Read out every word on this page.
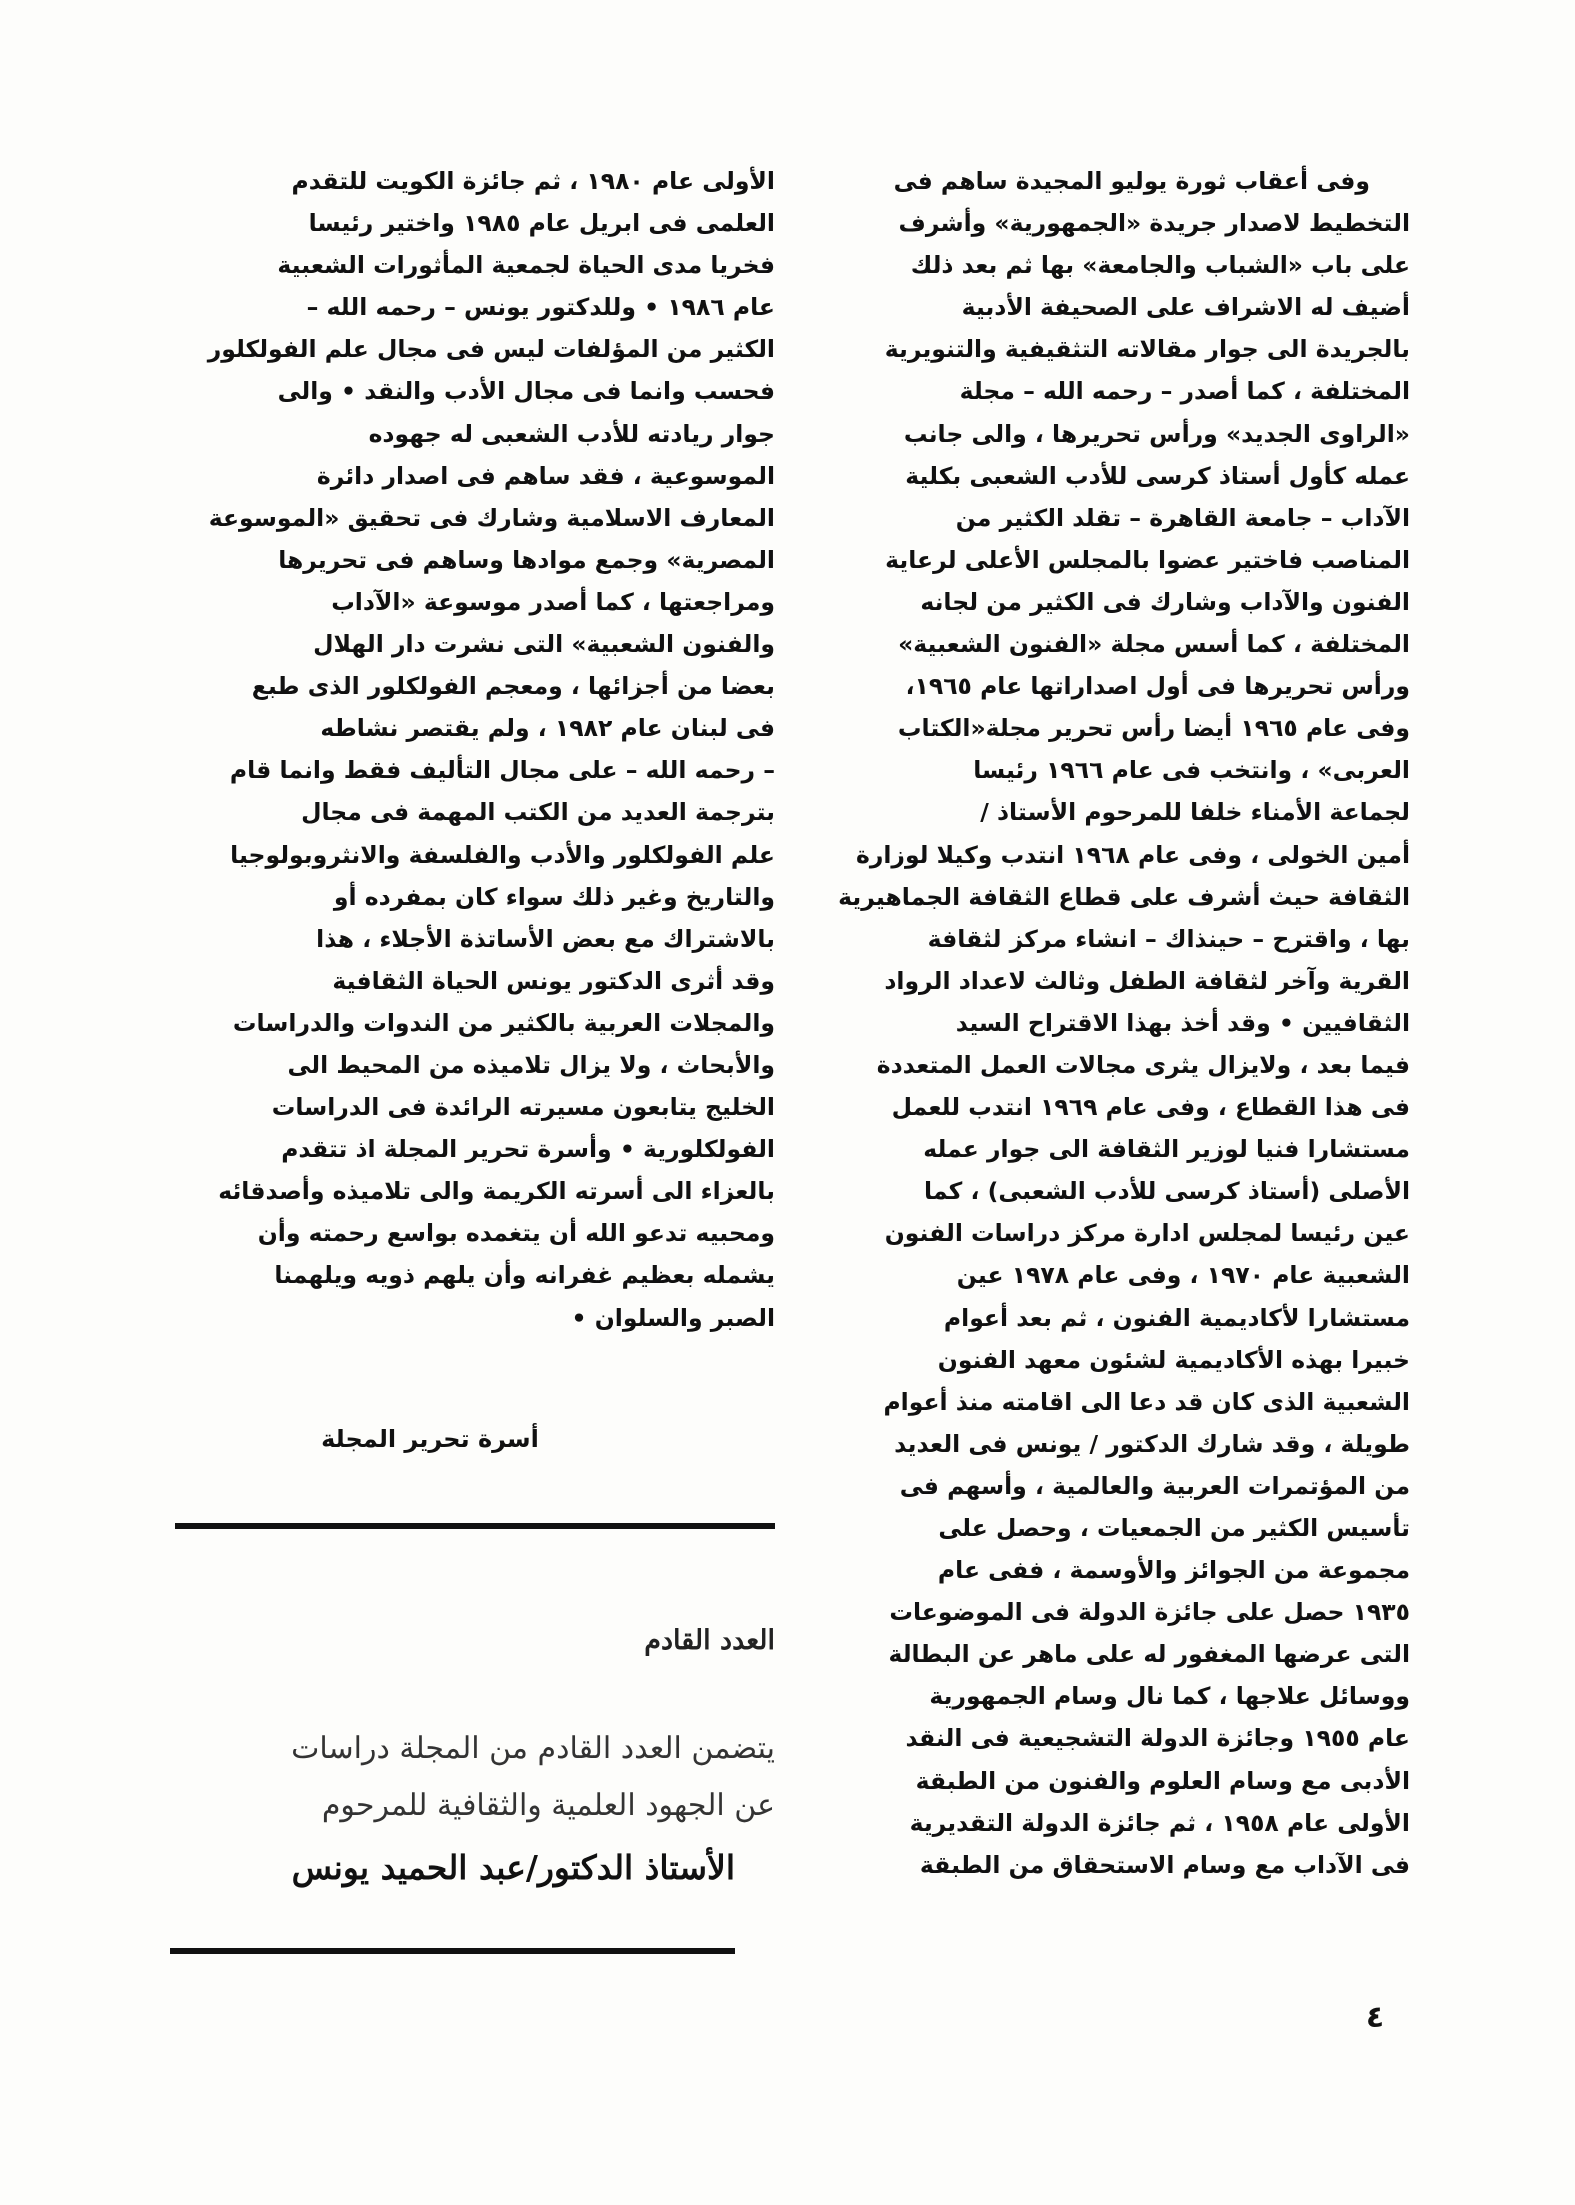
وفى أعقاب ثورة يوليو المجيدة ساهم فى
التخطيط لاصدار جريدة «الجمهورية» وأشرف
على باب «الشباب والجامعة» بها ثم بعد ذلك
أضيف له الاشراف على الصحيفة الأدبية
بالجريدة الى جوار مقالاته التثقيفية والتنويرية
المختلفة ، كما أصدر – رحمه الله – مجلة
«الراوى الجديد» ورأس تحريرها ، والى جانب
عمله كأول أستاذ كرسى للأدب الشعبى بكلية
الآداب – جامعة القاهرة – تقلد الكثير من
المناصب فاختير عضوا بالمجلس الأعلى لرعاية
الفنون والآداب وشارك فى الكثير من لجانه
المختلفة ، كما أسس مجلة «الفنون الشعبية»
ورأس تحريرها فى أول اصداراتها عام ١٩٦٥،
وفى عام ١٩٦٥ أيضا رأس تحرير مجلة«الكتاب
العربى» ، وانتخب فى عام ١٩٦٦ رئيسا
لجماعة الأمناء خلفا للمرحوم الأستاذ /
أمين الخولى ، وفى عام ١٩٦٨ انتدب وكيلا لوزارة
الثقافة حيث أشرف على قطاع الثقافة الجماهيرية
بها ، واقترح – حينذاك – انشاء مركز لثقافة
القرية وآخر لثقافة الطفل وثالث لاعداد الرواد
الثقافيين • وقد أخذ بهذا الاقتراح السيد
فيما بعد ، ولايزال يثرى مجالات العمل المتعددة
فى هذا القطاع ، وفى عام ١٩٦٩ انتدب للعمل
مستشارا فنيا لوزير الثقافة الى جوار عمله
الأصلى (أستاذ كرسى للأدب الشعبى) ، كما
عين رئيسا لمجلس ادارة مركز دراسات الفنون
الشعبية عام ١٩٧٠ ، وفى عام ١٩٧٨ عين
مستشارا لأكاديمية الفنون ، ثم بعد أعوام
خبيرا بهذه الأكاديمية لشئون معهد الفنون
الشعبية الذى كان قد دعا الى اقامته منذ أعوام
طويلة ، وقد شارك الدكتور / يونس فى العديد
من المؤتمرات العربية والعالمية ، وأسهم فى
تأسيس الكثير من الجمعيات ، وحصل على
مجموعة من الجوائز والأوسمة ، ففى عام
١٩٣٥ حصل على جائزة الدولة فى الموضوعات
التى عرضها المغفور له على ماهر عن البطالة
ووسائل علاجها ، كما نال وسام الجمهورية
عام ١٩٥٥ وجائزة الدولة التشجيعية فى النقد
الأدبى مع وسام العلوم والفنون من الطبقة
الأولى عام ١٩٥٨ ، ثم جائزة الدولة التقديرية
فى الآداب مع وسام الاستحقاق من الطبقة
الأولى عام ١٩٨٠ ، ثم جائزة الكويت للتقدم
العلمى فى ابريل عام ١٩٨٥ واختير رئيسا
فخريا مدى الحياة لجمعية المأثورات الشعبية
عام ١٩٨٦ • وللدكتور يونس – رحمه الله –
الكثير من المؤلفات ليس فى مجال علم الفولكلور
فحسب وانما فى مجال الأدب والنقد • والى
جوار ريادته للأدب الشعبى له جهوده
الموسوعية ، فقد ساهم فى اصدار دائرة
المعارف الاسلامية وشارك فى تحقيق «الموسوعة
المصرية» وجمع موادها وساهم فى تحريرها
ومراجعتها ، كما أصدر موسوعة «الآداب
والفنون الشعبية» التى نشرت دار الهلال
بعضا من أجزائها ، ومعجم الفولكلور الذى طبع
فى لبنان عام ١٩٨٢ ، ولم يقتصر نشاطه
– رحمه الله – على مجال التأليف فقط وانما قام
بترجمة العديد من الكتب المهمة فى مجال
علم الفولكلور والأدب والفلسفة والانثروبولوجيا
والتاريخ وغير ذلك سواء كان بمفرده أو
بالاشتراك مع بعض الأساتذة الأجلاء ، هذا
وقد أثرى الدكتور يونس الحياة الثقافية
والمجلات العربية بالكثير من الندوات والدراسات
والأبحاث ، ولا يزال تلاميذه من المحيط الى
الخليج يتابعون مسيرته الرائدة فى الدراسات
الفولكلورية • وأسرة تحرير المجلة اذ تتقدم
بالعزاء الى أسرته الكريمة والى تلاميذه وأصدقائه
ومحبيه تدعو الله أن يتغمده بواسع رحمته وأن
يشمله بعظيم غفرانه وأن يلهم ذويه ويلهمنا
الصبر والسلوان •
أسرة تحرير المجلة
العدد القادم
يتضمن العدد القادم من المجلة دراسات
عن الجهود العلمية والثقافية للمرحوم
الأستاذ الدكتور/عبد الحميد يونس
٤
